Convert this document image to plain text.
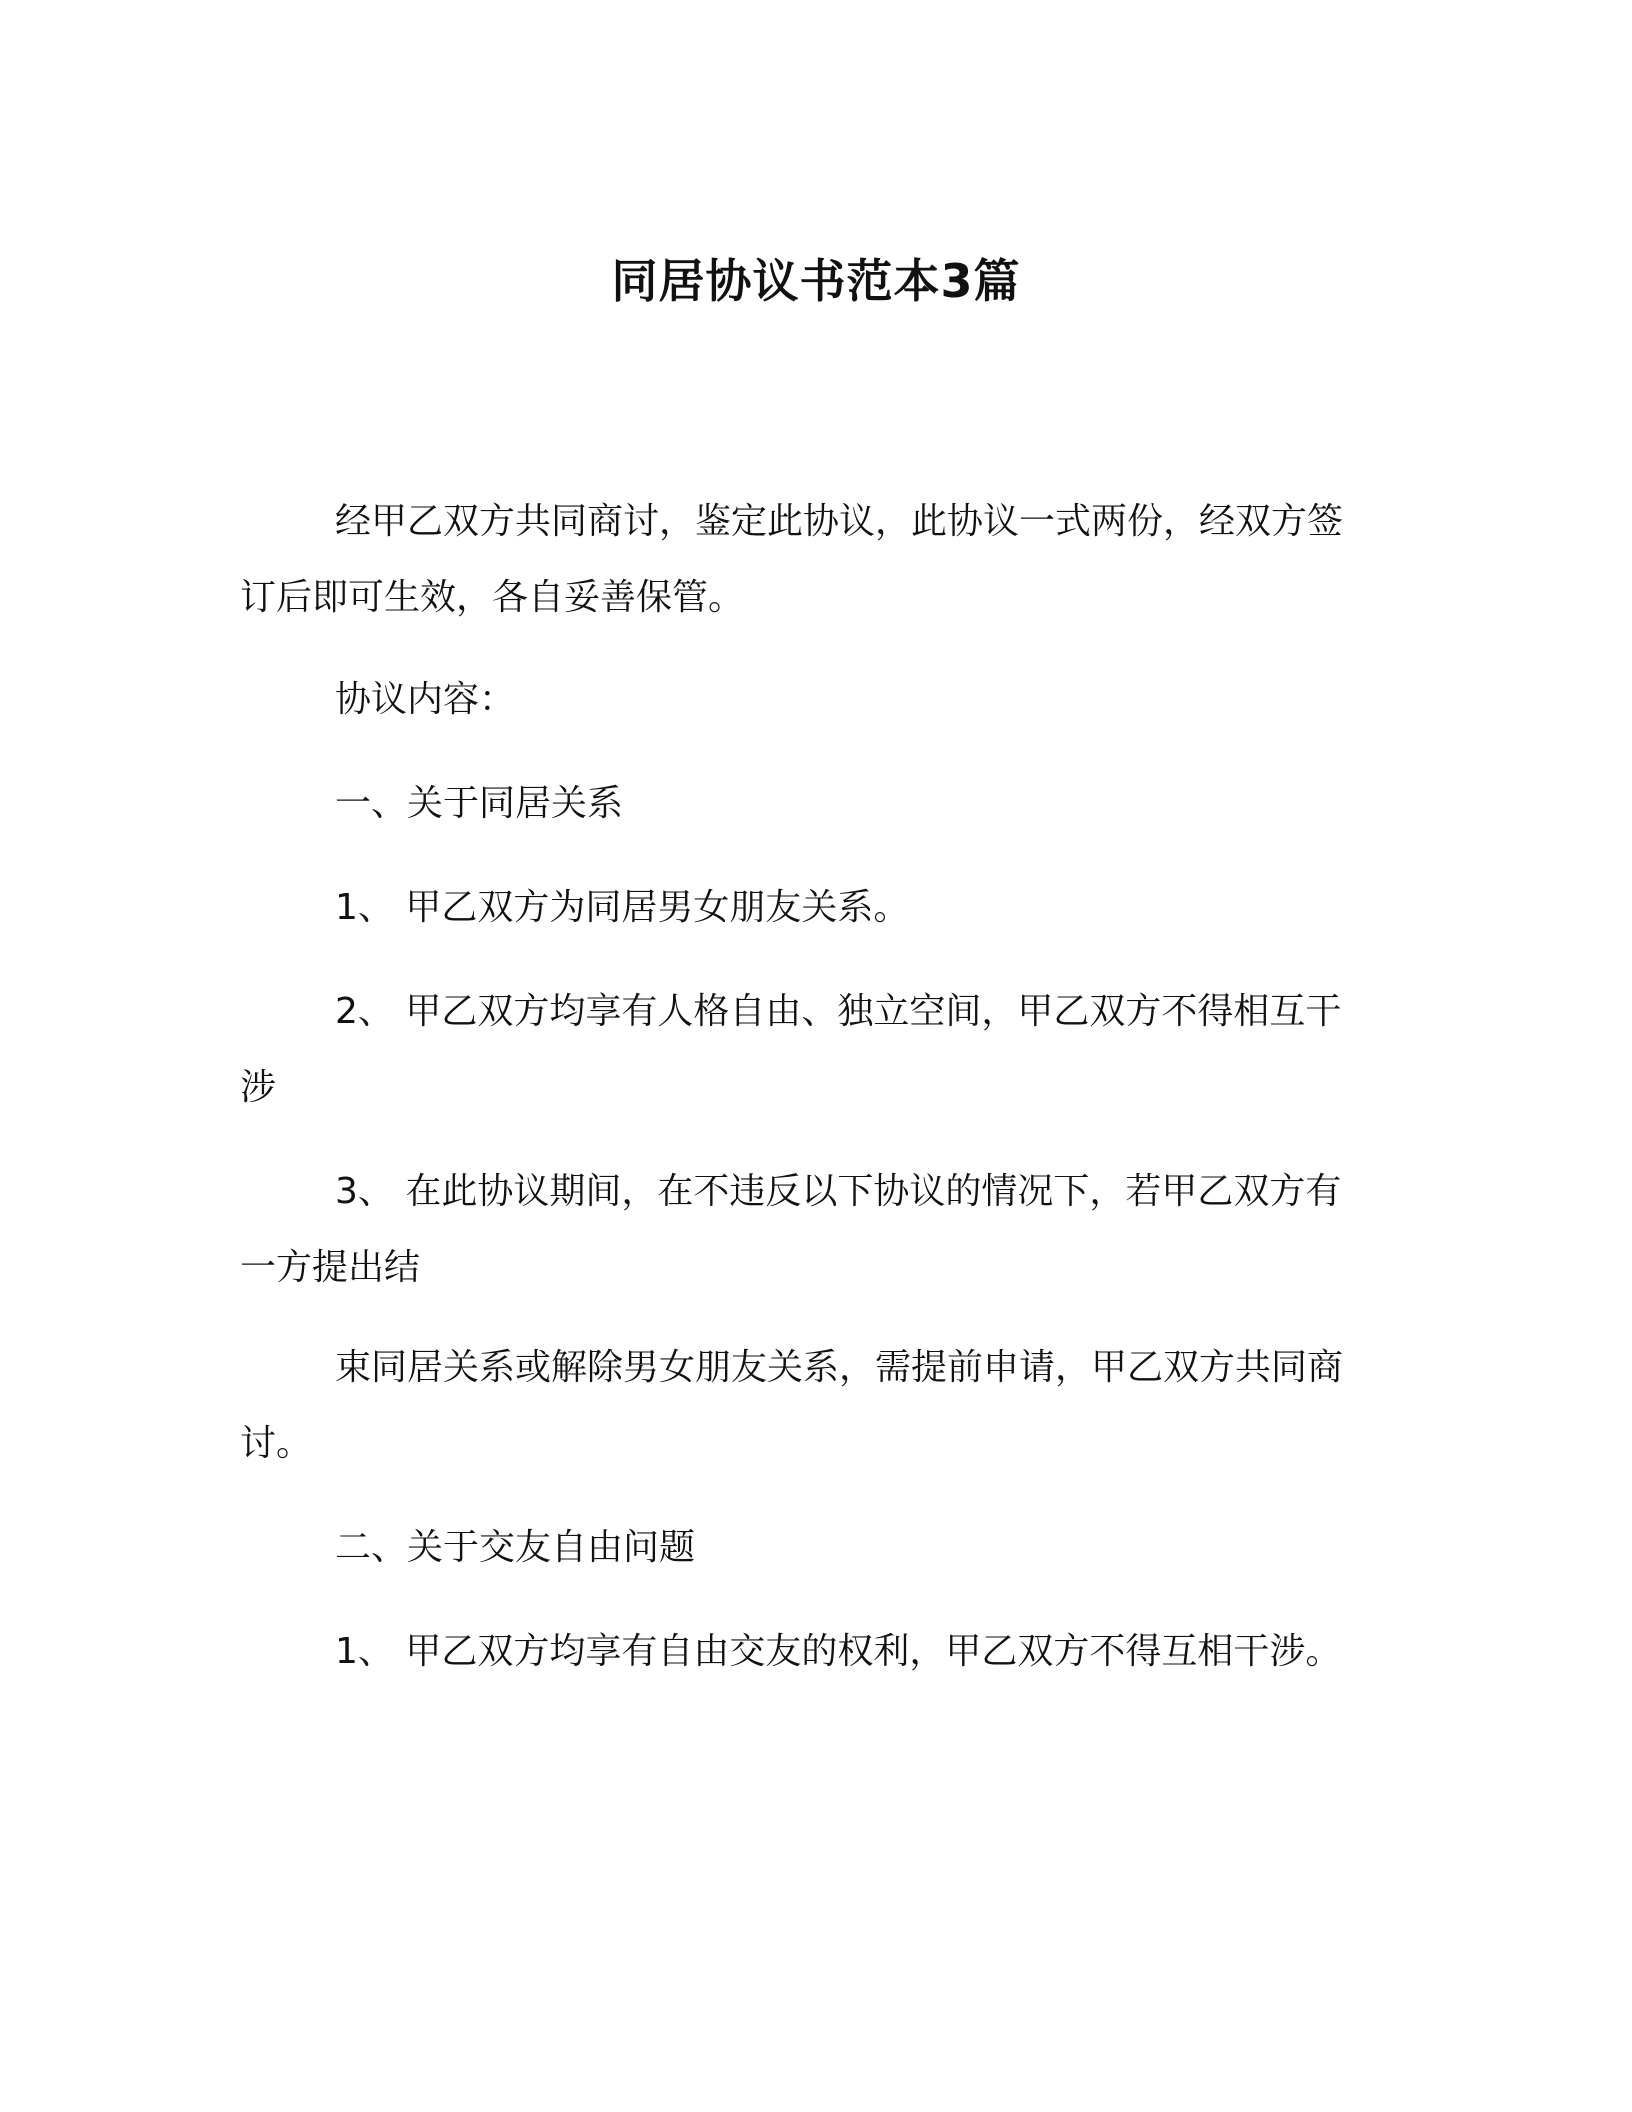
同居协议书范本3篇

经甲乙双方共同商讨，鉴定此协议，此协议一式两份，经双方签订后即可生效，各自妥善保管。

协议内容：

一、关于同居关系

1、 甲乙双方为同居男女朋友关系。

2、 甲乙双方均享有人格自由、独立空间，甲乙双方不得相互干涉

3、 在此协议期间，在不违反以下协议的情况下，若甲乙双方有一方提出结

束同居关系或解除男女朋友关系，需提前申请，甲乙双方共同商讨。

二、关于交友自由问题

1、 甲乙双方均享有自由交友的权利，甲乙双方不得互相干涉。
